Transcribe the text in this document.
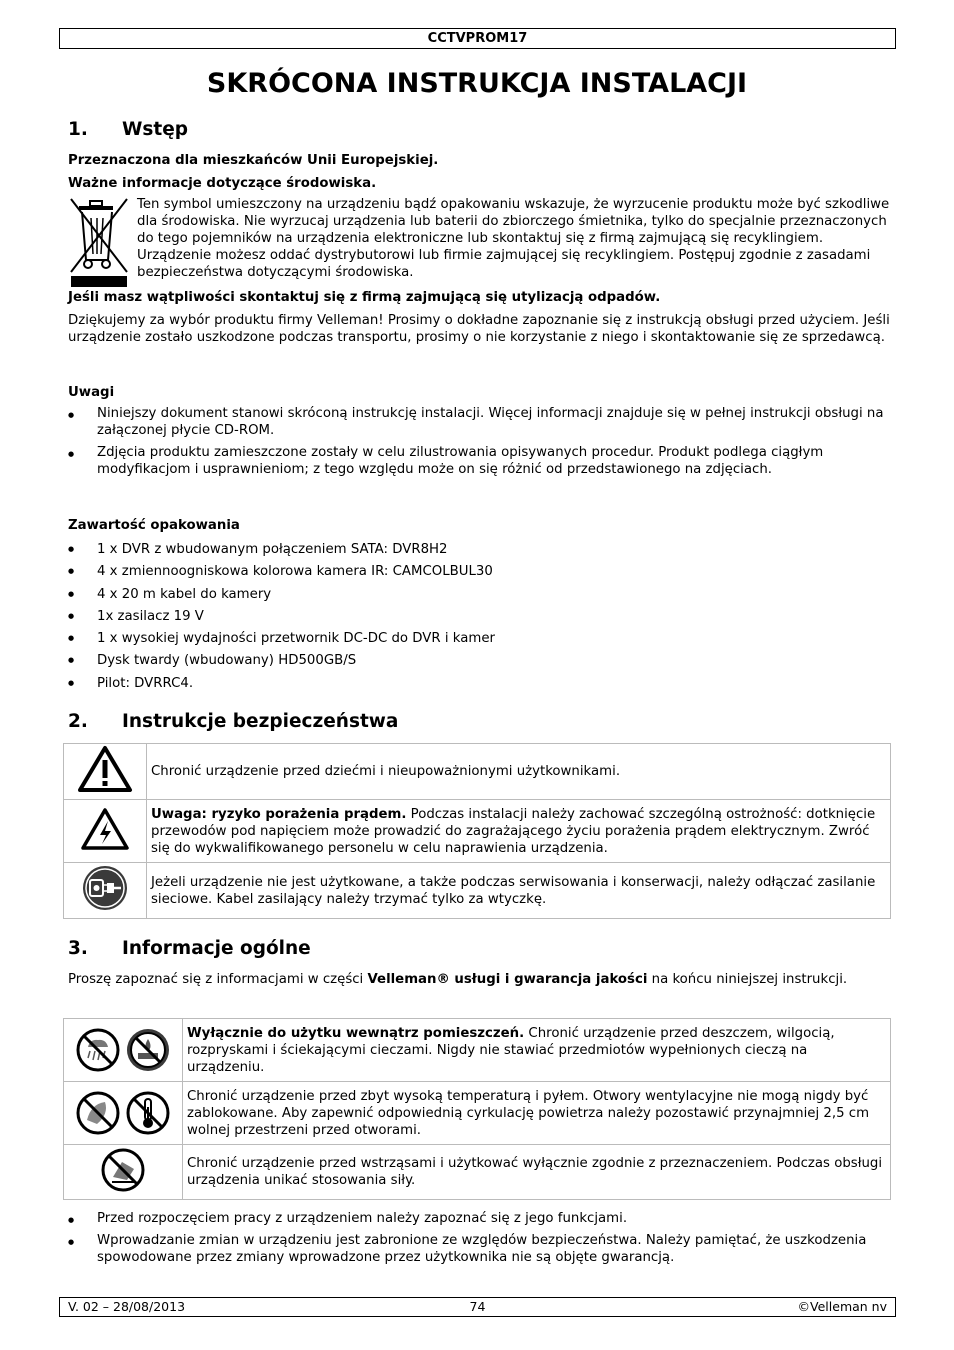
CCTVPROM17
SKRÓCONA INSTRUKCJA INSTALACJI
1. Wstęp

Przeznaczona dla mieszkańców Unii Europejskiej.

Ważne informacje dotyczące środowiska.

Ten symbol umieszczony na urządzeniu bądź opakowaniu wskazuje, że wyrzucenie produktu może być szkodliwe dla środowiska. Nie wyrzucaj urządzenia lub baterii do zbiorczego śmietnika, tylko do specjalnie przeznaczonych do tego pojemników na urządzenia elektroniczne lub skontaktuj się z firmą zajmującą się recyklingiem. Urządzenie możesz oddać dystrybutorowi lub firmie zajmującej się recyklingiem. Postępuj zgodnie z zasadami bezpieczeństwa dotyczącymi środowiska.

Jeśli masz wątpliwości skontaktuj się z firmą zajmującą się utylizacją odpadów.

Dziękujemy za wybór produktu firmy Velleman! Prosimy o dokładne zapoznanie się z instrukcją obsługi przed użyciem. Jeśli urządzenie zostało uszkodzone podczas transportu, prosimy o nie korzystanie z niego i skontaktowanie się ze sprzedawcą.

Uwagi

● Niniejszy dokument stanowi skróconą instrukcję instalacji. Więcej informacji znajduje się w pełnej instrukcji obsługi na załączonej płycie CD-ROM.
● Zdjęcia produktu zamieszczone zostały w celu zilustrowania opisywanych procedur. Produkt podlega ciągłym modyfikacjom i usprawnieniom; z tego względu może on się różnić od przedstawionego na zdjęciach.

Zawartość opakowania

● 1 x DVR z wbudowanym połączeniem SATA: DVR8H2
● 4 x zmiennoogniskowa kolorowa kamera IR: CAMCOLBUL30
● 4 x 20 m kabel do kamery
● 1x zasilacz 19 V
● 1 x wysokiej wydajności przetwornik DC-DC do DVR i kamer
● Dysk twardy (wbudowany) HD500GB/S
● Pilot: DVRRC4.
2. Instrukcje bezpieczeństwa
	Chronić urządzenie przed dziećmi i nieupoważnionymi użytkownikami.
	Uwaga: ryzyko porażenia prądem. Podczas instalacji należy zachować szczególną ostrożność: dotknięcie przewodów pod napięciem może prowadzić do zagrażającego życiu porażenia prądem elektrycznym. Zwróć się do wykwalifikowanego personelu w celu naprawienia urządzenia.
	Jeżeli urządzenie nie jest użytkowane, a także podczas serwisowania i konserwacji, należy odłączać zasilanie sieciowe. Kabel zasilający należy trzymać tylko za wtyczkę.
3. Informacje ogólne

Proszę zapoznać się z informacjami w części Velleman® usługi i gwarancja jakości na końcu niniejszej instrukcji.

	Wyłącznie do użytku wewnątrz pomieszczeń. Chronić urządzenie przed deszczem, wilgocią, rozpryskami i ściekającymi cieczami. Nigdy nie stawiać przedmiotów wypełnionych cieczą na urządzeniu.
	Chronić urządzenie przed zbyt wysoką temperaturą i pyłem. Otwory wentylacyjne nie mogą nigdy być zablokowane. Aby zapewnić odpowiednią cyrkulację powietrza należy pozostawić przynajmniej 2,5 cm wolnej przestrzeni przed otworami.
	Chronić urządzenie przed wstrząsami i użytkować wyłącznie zgodnie z przeznaczeniem. Podczas obsługi urządzenia unikać stosowania siły.
● Przed rozpoczęciem pracy z urządzeniem należy zapoznać się z jego funkcjami.
● Wprowadzanie zmian w urządzeniu jest zabronione ze względów bezpieczeństwa. Należy pamiętać, że uszkodzenia spowodowane przez zmiany wprowadzone przez użytkownika nie są objęte gwarancją.
V. 02 – 28/08/2013	74	©Velleman nv
